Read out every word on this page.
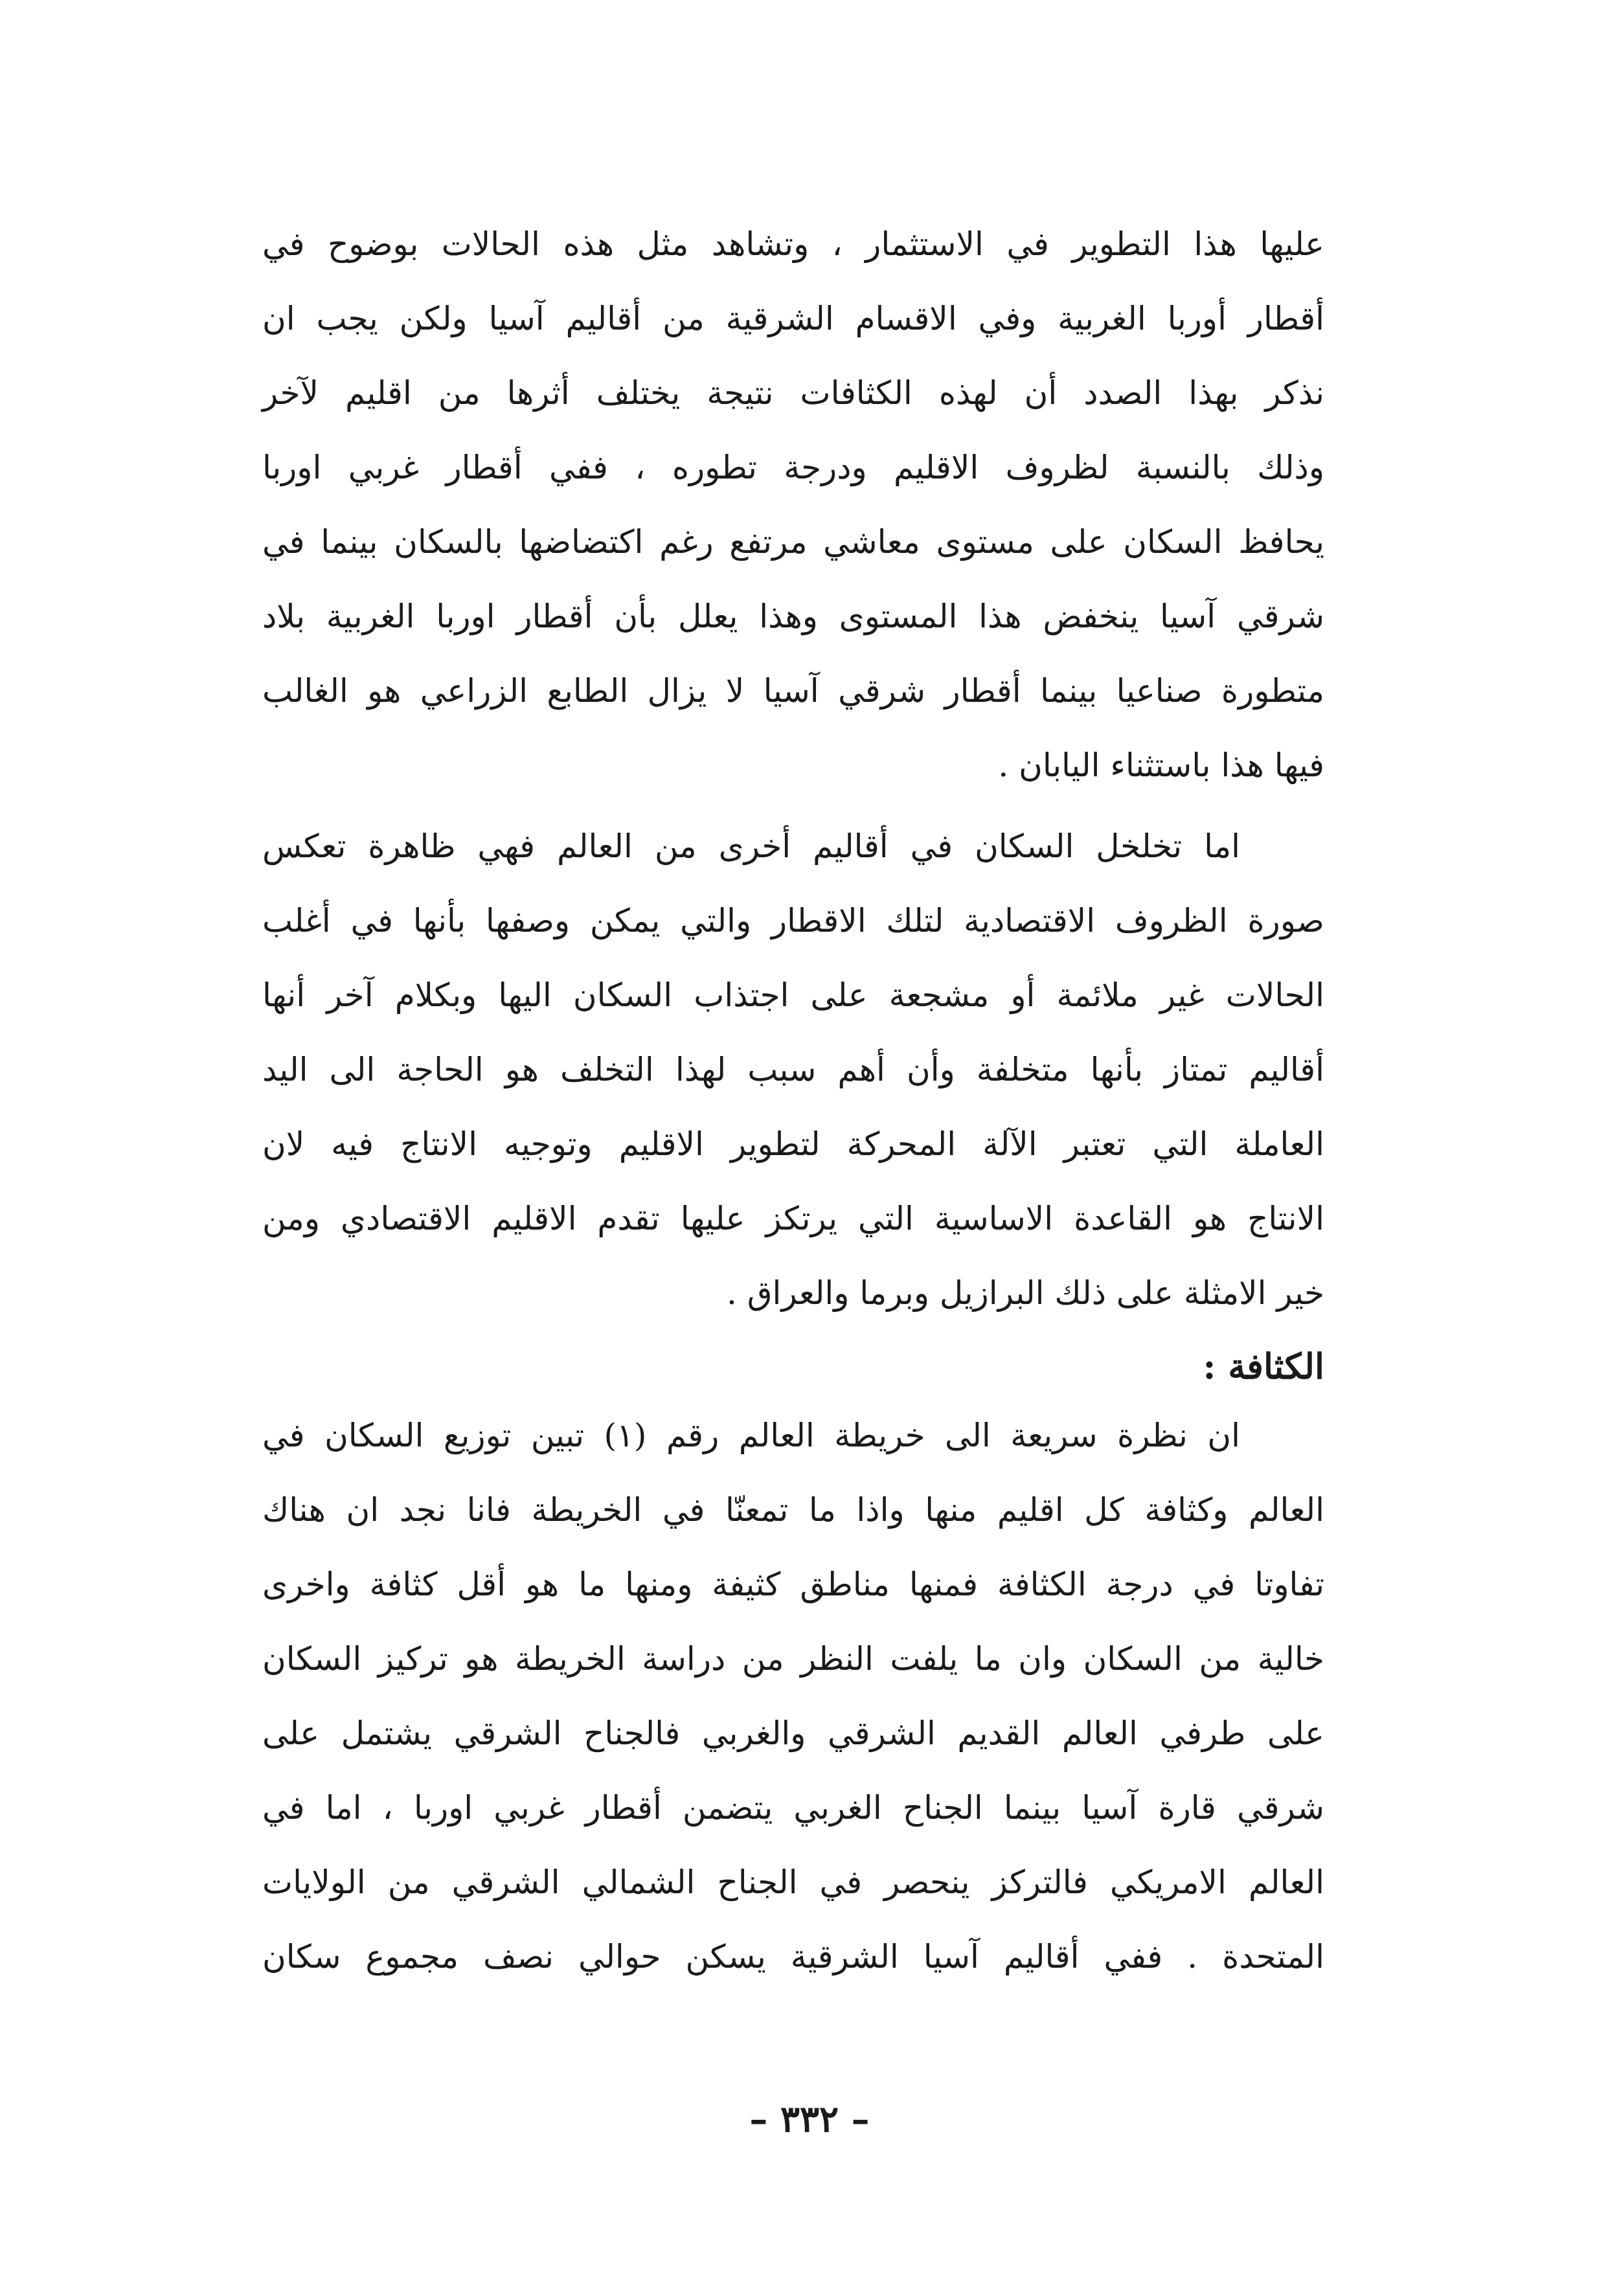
عليها هذا التطوير في الاستثمار ، وتشاهد مثل هذه الحالات بوضوح في
أقطار أوربا الغربية وفي الاقسام الشرقية من أقاليم آسيا ولكن يجب ان
نذكر بهذا الصدد أن لهذه الكثافات نتيجة يختلف أثرها من اقليم لآخر
وذلك بالنسبة لظروف الاقليم ودرجة تطوره ، ففي أقطار غربي اوربا
يحافظ السكان على مستوى معاشي مرتفع رغم اكتضاضها بالسكان بينما في
شرقي آسيا ينخفض هذا المستوى وهذا يعلل بأن أقطار اوربا الغربية بلاد
متطورة صناعيا بينما أقطار شرقي آسيا لا يزال الطابع الزراعي هو الغالب
فيها هذا باستثناء اليابان .
اما تخلخل السكان في أقاليم أخرى من العالم فهي ظاهرة تعكس
صورة الظروف الاقتصادية لتلك الاقطار والتي يمكن وصفها بأنها في أغلب
الحالات غير ملائمة أو مشجعة على اجتذاب السكان اليها وبكلام آخر أنها
أقاليم تمتاز بأنها متخلفة وأن أهم سبب لهذا التخلف هو الحاجة الى اليد
العاملة التي تعتبر الآلة المحركة لتطوير الاقليم وتوجيه الانتاج فيه لان
الانتاج هو القاعدة الاساسية التي يرتكز عليها تقدم الاقليم الاقتصادي ومن
خير الامثلة على ذلك البرازيل وبرما والعراق .
الكثافة :
ان نظرة سريعة الى خريطة العالم رقم (١) تبين توزيع السكان في
العالم وكثافة كل اقليم منها واذا ما تمعنّا في الخريطة فانا نجد ان هناك
تفاوتا في درجة الكثافة فمنها مناطق كثيفة ومنها ما هو أقل كثافة واخرى
خالية من السكان وان ما يلفت النظر من دراسة الخريطة هو تركيز السكان
على طرفي العالم القديم الشرقي والغربي فالجناح الشرقي يشتمل على
شرقي قارة آسيا بينما الجناح الغربي يتضمن أقطار غربي اوربا ، اما في
العالم الامريكي فالتركز ينحصر في الجناح الشمالي الشرقي من الولايات
المتحدة . ففي أقاليم آسيا الشرقية يسكن حوالي نصف مجموع سكان
– ٣٣٢ –
